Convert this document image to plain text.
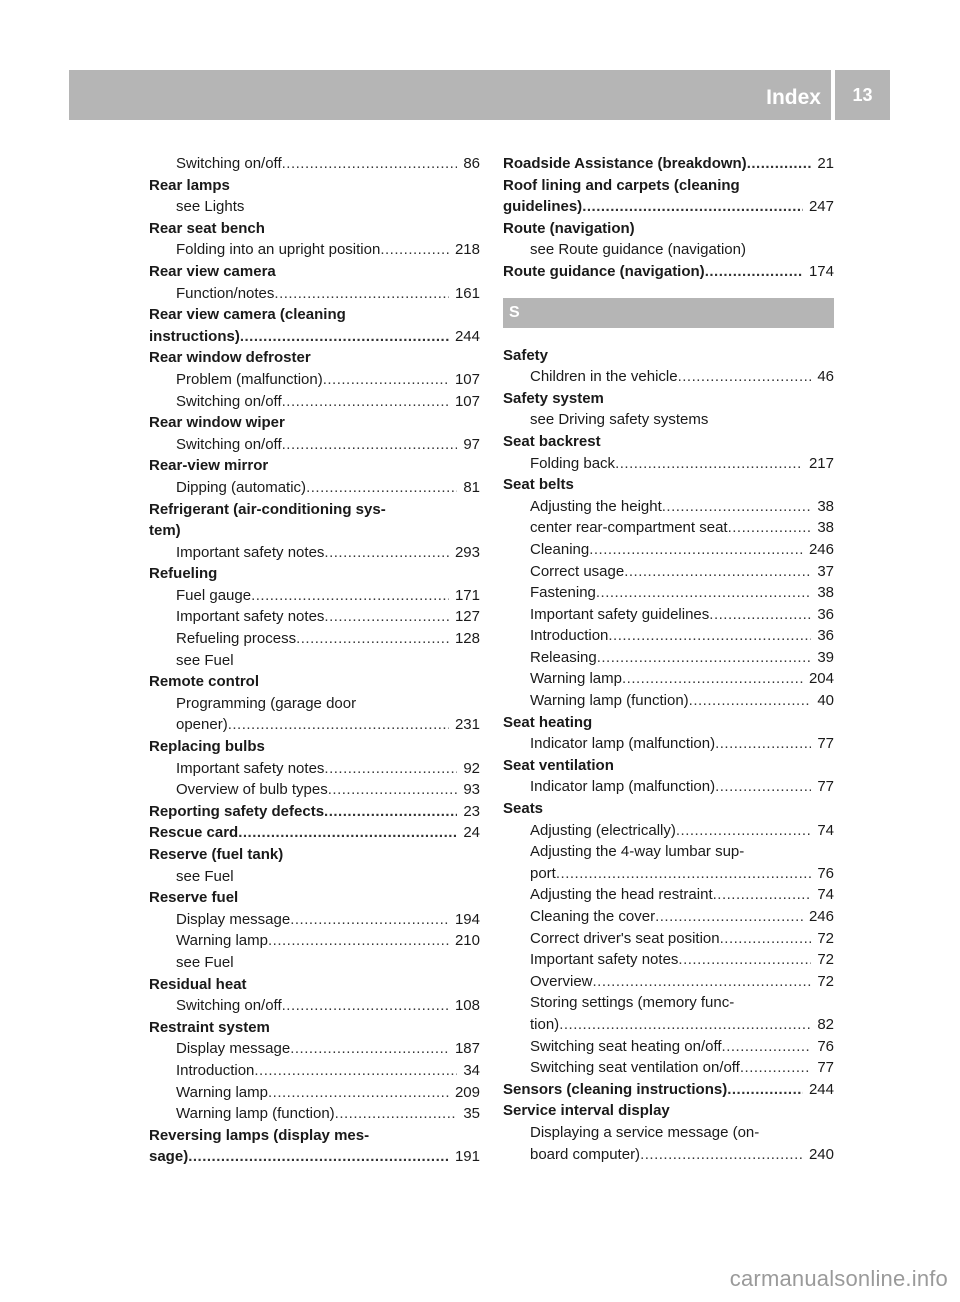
Index	13
Switching on/off .....	86
Rear lamps
see Lights
Rear seat bench
Folding into an upright position .....	218
Rear view camera
Function/notes .....	161
Rear view camera (cleaning
instructions) .....	244
Rear window defroster
Problem (malfunction) .....	107
Switching on/off .....	107
Rear window wiper
Switching on/off .....	97
Rear-view mirror
Dipping (automatic) .....	81
Refrigerant (air-conditioning sys-
tem)
Important safety notes .....	293
Refueling
Fuel gauge .....	171
Important safety notes .....	127
Refueling process .....	128
see Fuel
Remote control
Programming (garage door
opener) .....	231
Replacing bulbs
Important safety notes .....	92
Overview of bulb types .....	93
Reporting safety defects .....	23
Rescue card .....	24
Reserve (fuel tank)
see Fuel
Reserve fuel
Display message .....	194
Warning lamp .....	210
see Fuel
Residual heat
Switching on/off .....	108
Restraint system
Display message .....	187
Introduction .....	34
Warning lamp .....	209
Warning lamp (function) .....	35
Reversing lamps (display mes-
sage) .....	191
Roadside Assistance (breakdown) .....	21
Roof lining and carpets (cleaning
guidelines) .....	247
Route (navigation)
see Route guidance (navigation)
Route guidance (navigation) .....	174
S
Safety
Children in the vehicle .....	46
Safety system
see Driving safety systems
Seat backrest
Folding back .....	217
Seat belts
Adjusting the height .....	38
center rear-compartment seat .....	38
Cleaning .....	246
Correct usage .....	37
Fastening .....	38
Important safety guidelines .....	36
Introduction .....	36
Releasing .....	39
Warning lamp .....	204
Warning lamp (function) .....	40
Seat heating
Indicator lamp (malfunction) .....	77
Seat ventilation
Indicator lamp (malfunction) .....	77
Seats
Adjusting (electrically) .....	74
Adjusting the 4-way lumbar sup-
port .....	76
Adjusting the head restraint .....	74
Cleaning the cover .....	246
Correct driver's seat position .....	72
Important safety notes .....	72
Overview .....	72
Storing settings (memory func-
tion) .....	82
Switching seat heating on/off .....	76
Switching seat ventilation on/off .....	77
Sensors (cleaning instructions) .....	244
Service interval display
Displaying a service message (on-
board computer) .....	240
carmanualsonline.info
